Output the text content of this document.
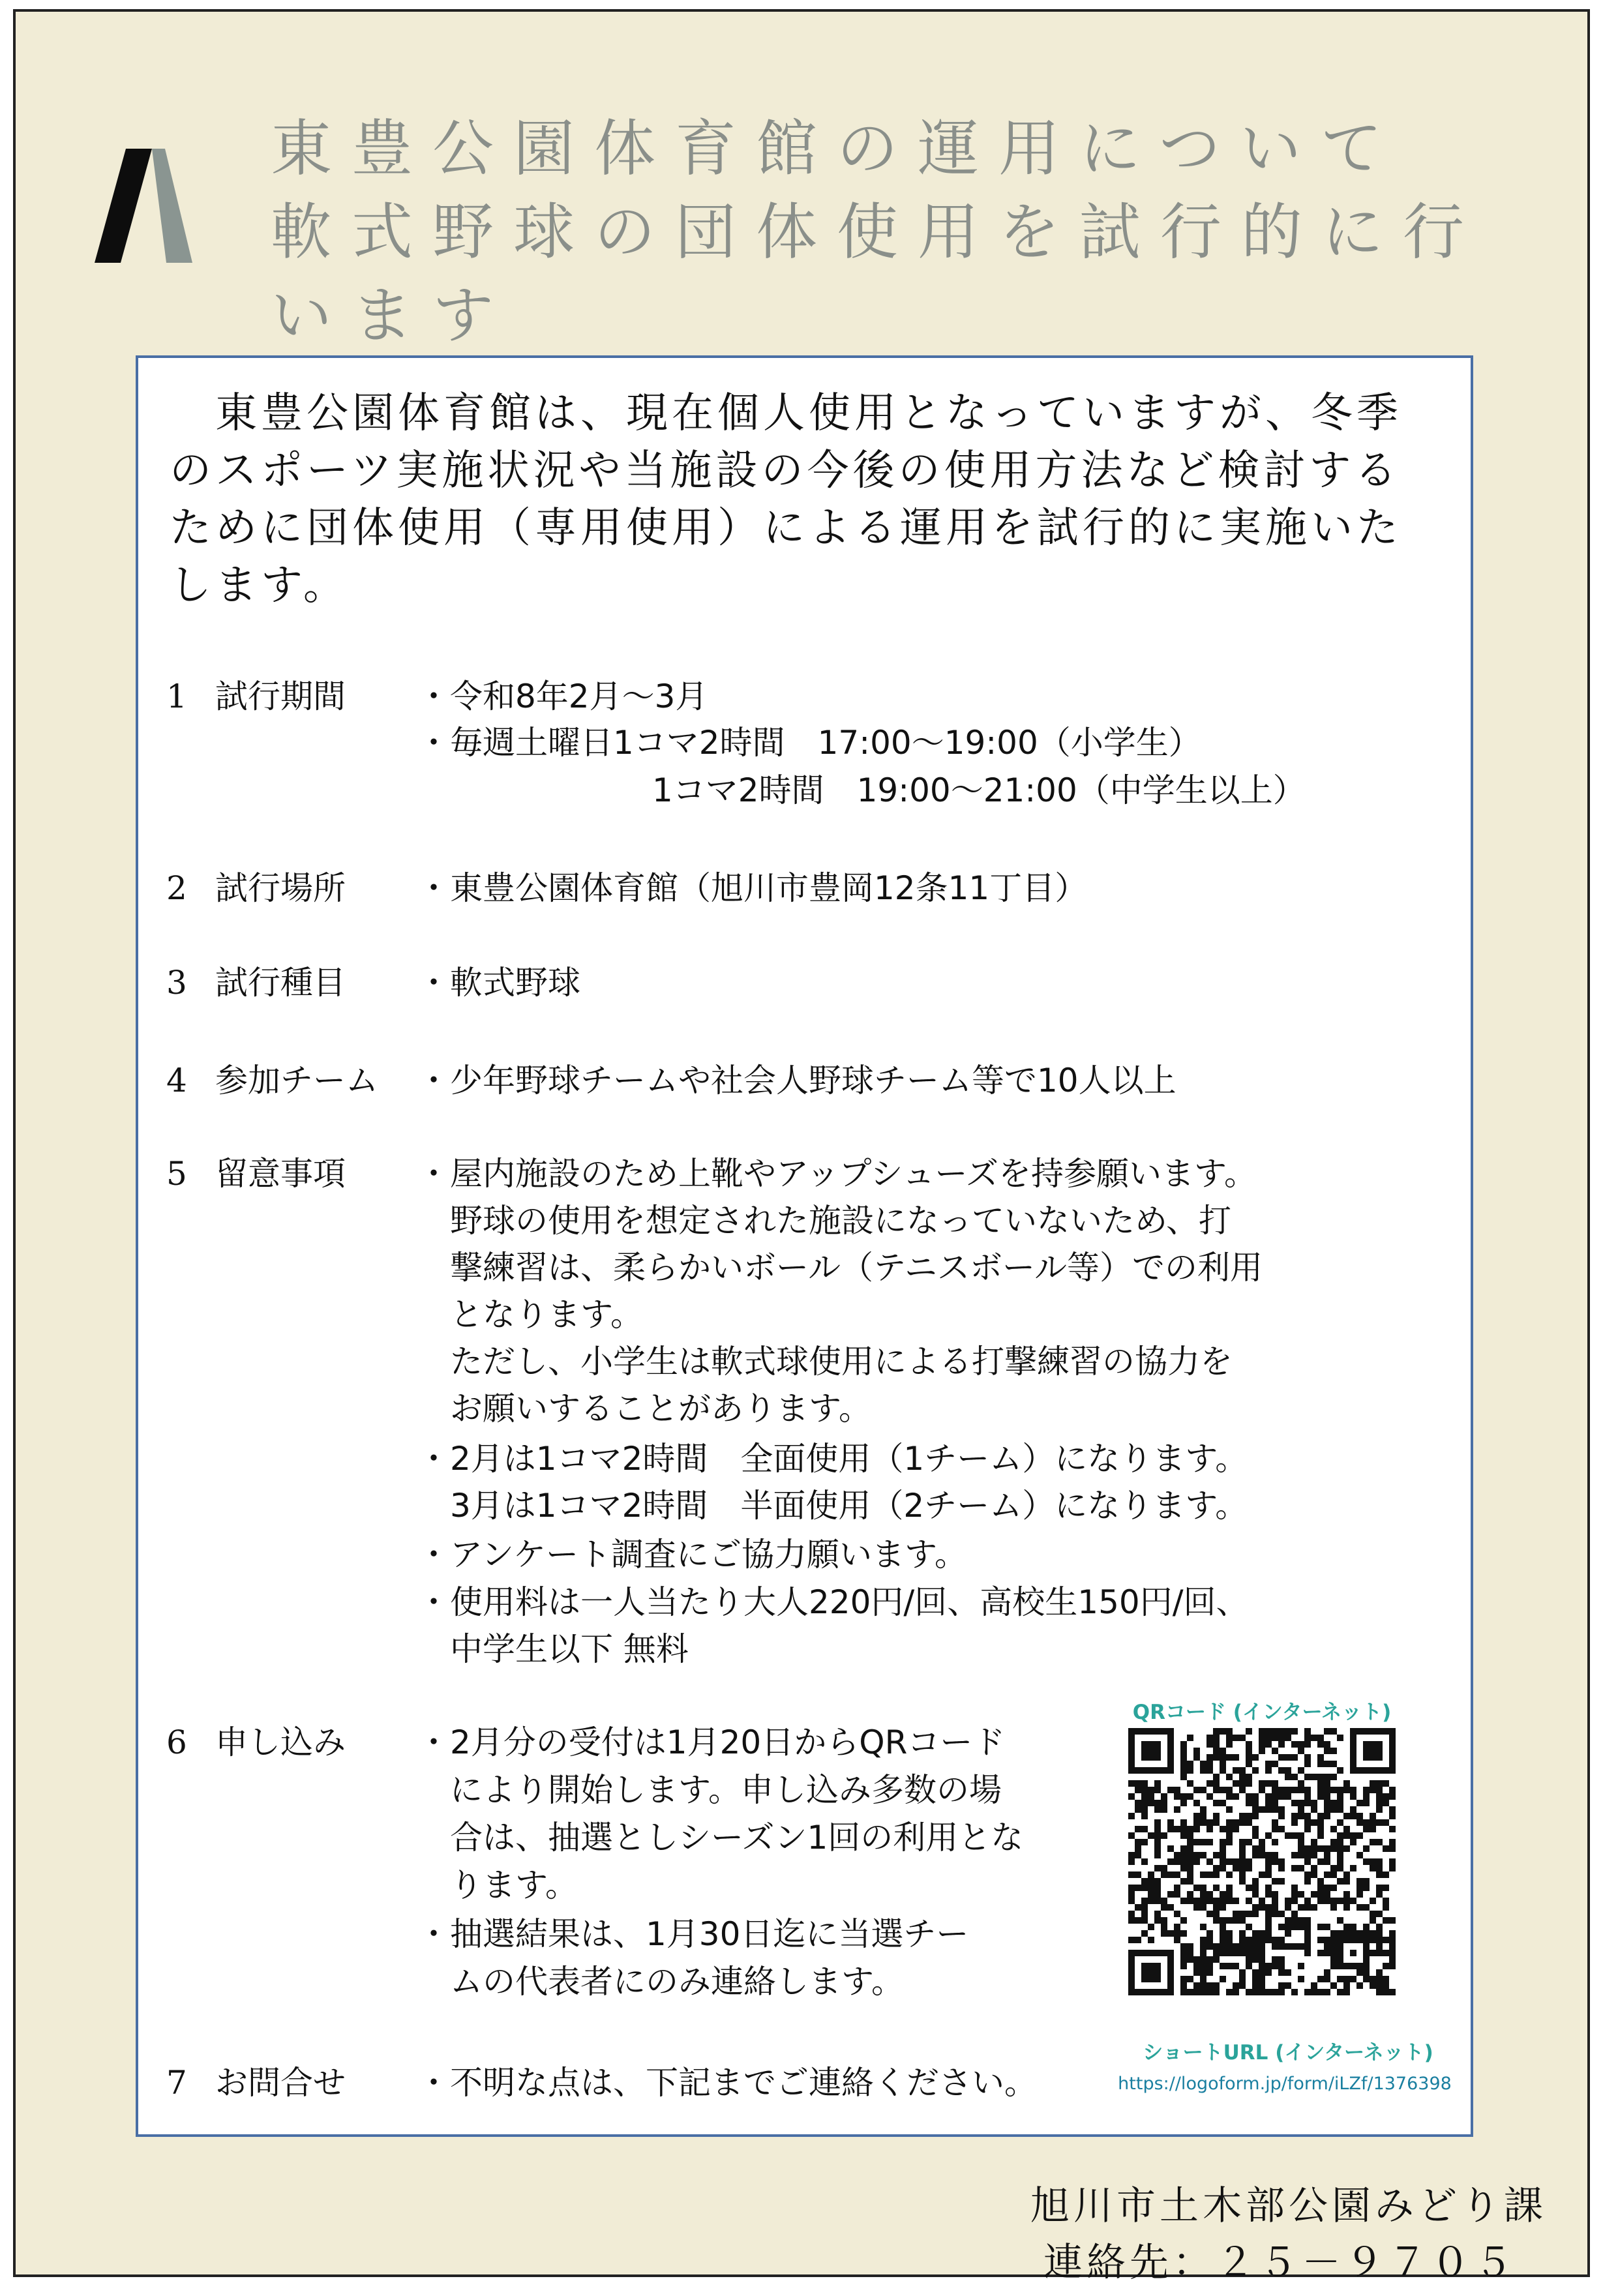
東豊公園体育館の運用について
軟式野球の団体使用を試行的に行
います
　東豊公園体育館は、現在個人使用となっていますが、冬季
のスポーツ実施状況や当施設の今後の使用方法など検討する
ために団体使用（専用使用）による運用を試行的に実施いた
します。
1 試行期間 ・令和8年2月～3月
・毎週土曜日1コマ2時間　17:00～19:00（小学生）
1コマ2時間　19:00～21:00（中学生以上）
2 試行場所 ・東豊公園体育館（旭川市豊岡12条11丁目）
3 試行種目 ・軟式野球
4 参加チーム ・少年野球チームや社会人野球チーム等で10人以上
5 留意事項 ・屋内施設のため上靴やアップシューズを持参願います。
野球の使用を想定された施設になっていないため、打
撃練習は、柔らかいボール（テニスボール等）での利用
となります。
ただし、小学生は軟式球使用による打撃練習の協力を
お願いすることがあります。
・2月は1コマ2時間　全面使用（1チーム）になります。
3月は1コマ2時間　半面使用（2チーム）になります。
・アンケート調査にご協力願います。
・使用料は一人当たり大人220円/回、高校生150円/回、
中学生以下 無料
6 申し込み ・2月分の受付は1月20日からQRコード
により開始します。申し込み多数の場
合は、抽選としシーズン1回の利用とな
ります。
・抽選結果は、1月30日迄に当選チー
ムの代表者にのみ連絡します。
7 お問合せ ・不明な点は、下記までご連絡ください。
QRコード (インターネット)
ショートURL (インターネット)
https://logoform.jp/form/iLZf/1376398
旭川市土木部公園みどり課
連絡先：２５－９７０５
